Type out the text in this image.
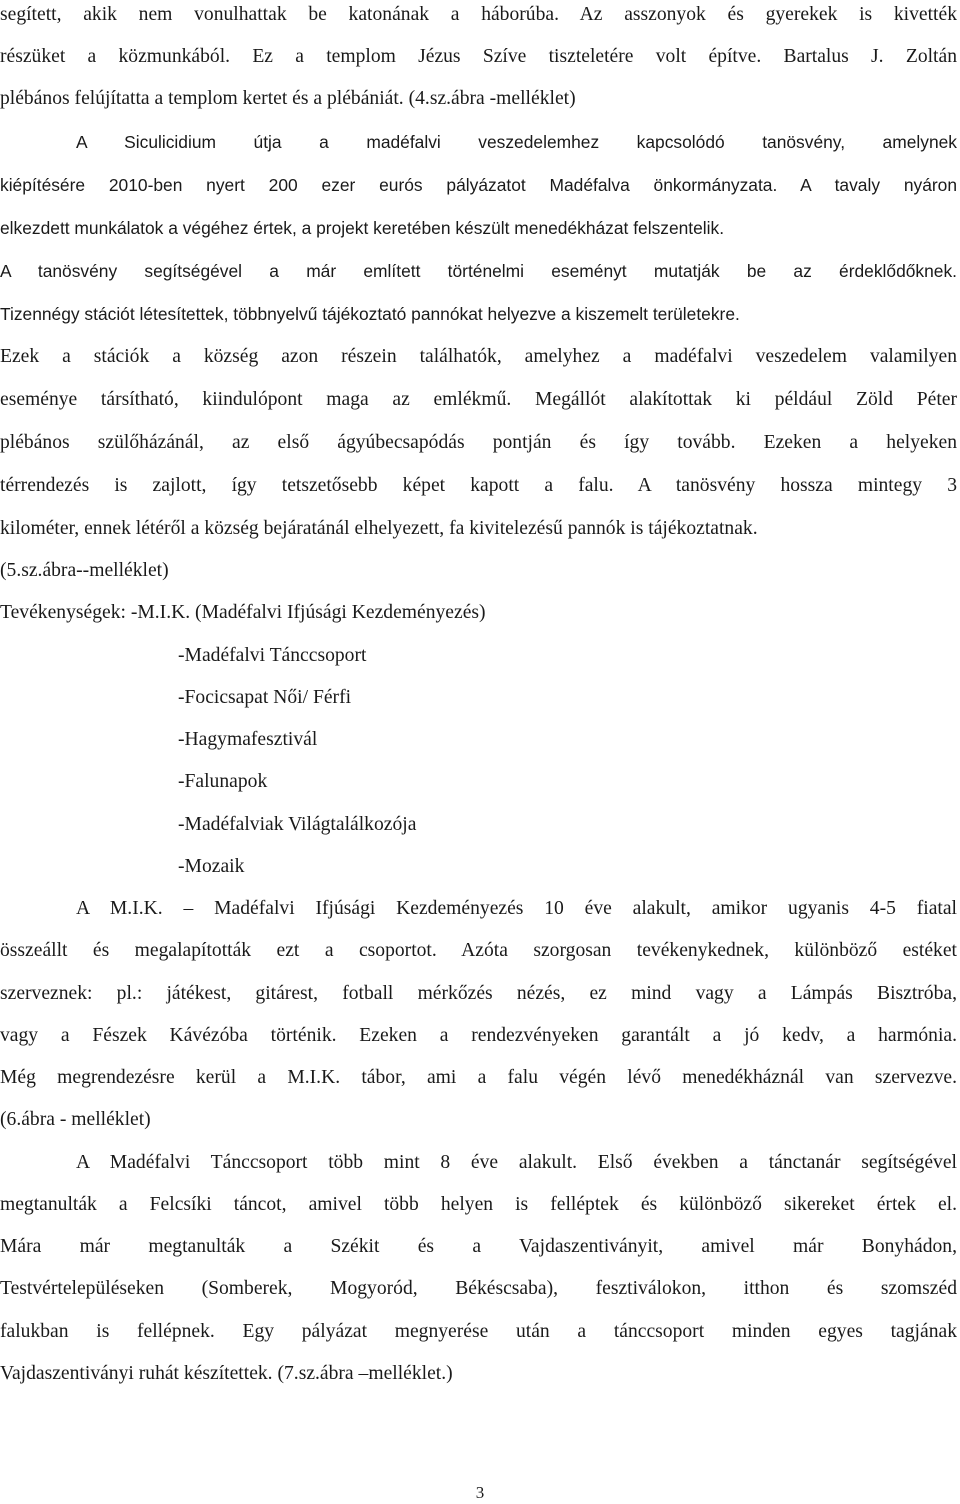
segített, akik nem vonulhattak be katonának a háborúba. Az asszonyok és gyerekek is kivették
részüket a közmunkából. Ez a templom Jézus Szíve tiszteletére volt építve. Bartalus J. Zoltán
plébános felújítatta a templom kertet és a plébániát. (4.sz.ábra -melléklet)
A Siculicidium útja a madéfalvi veszedelemhez kapcsolódó tanösvény, amelynek
kiépítésére 2010-ben nyert 200 ezer eurós pályázatot Madéfalva önkormányzata. A tavaly nyáron
elkezdett munkálatok a végéhez értek, a projekt keretében készült menedékházat felszentelik.
A tanösvény segítségével a már említett történelmi eseményt mutatják be az érdeklődőknek.
Tizennégy stációt létesítettek, többnyelvű tájékoztató pannókat helyezve a kiszemelt területekre.
Ezek a stációk a község azon részein találhatók, amelyhez a madéfalvi veszedelem valamilyen
eseménye társítható, kiindulópont maga az emlékmű. Megállót alakítottak ki például Zöld Péter
plébános szülőházánál, az első ágyúbecsapódás pontján és így tovább. Ezeken a helyeken
térrendezés is zajlott, így tetszetősebb képet kapott a falu. A tanösvény hossza mintegy 3
kilométer, ennek létéről a község bejáratánál elhelyezett, fa kivitelezésű pannók is tájékoztatnak.
(5.sz.ábra--melléklet)
Tevékenységek: -M.I.K. (Madéfalvi Ifjúsági Kezdeményezés)
-Madéfalvi Tánccsoport
-Focicsapat Női/ Férfi
-Hagymafesztivál
-Falunapok
-Madéfalviak Világtalálkozója
-Mozaik
A M.I.K. – Madéfalvi Ifjúsági Kezdeményezés 10 éve alakult, amikor ugyanis 4-5 fiatal
összeállt és megalapították ezt a csoportot. Azóta szorgosan tevékenykednek, különböző estéket
szerveznek: pl.: játékest, gitárest, fotball mérkőzés nézés, ez mind vagy a Lámpás Bisztróba,
vagy a Fészek Kávézóba történik. Ezeken a rendezvényeken garantált a jó kedv, a harmónia.
Még megrendezésre kerül a M.I.K. tábor, ami a falu végén lévő menedékháznál van szervezve.
(6.ábra - melléklet)
A Madéfalvi Tánccsoport több mint 8 éve alakult. Első években a tánctanár segítségével
megtanulták a Felcsíki táncot, amivel több helyen is felléptek és különböző sikereket értek el.
Mára már megtanulták a Székit és a Vajdaszentiványit, amivel már Bonyhádon,
Testvértelepüléseken (Somberek, Mogyoród, Békéscsaba), fesztiválokon, itthon és szomszéd
falukban is fellépnek. Egy pályázat megnyerése után a tánccsoport minden egyes tagjának
Vajdaszentiványi ruhát készítettek. (7.sz.ábra –melléklet.)
3
